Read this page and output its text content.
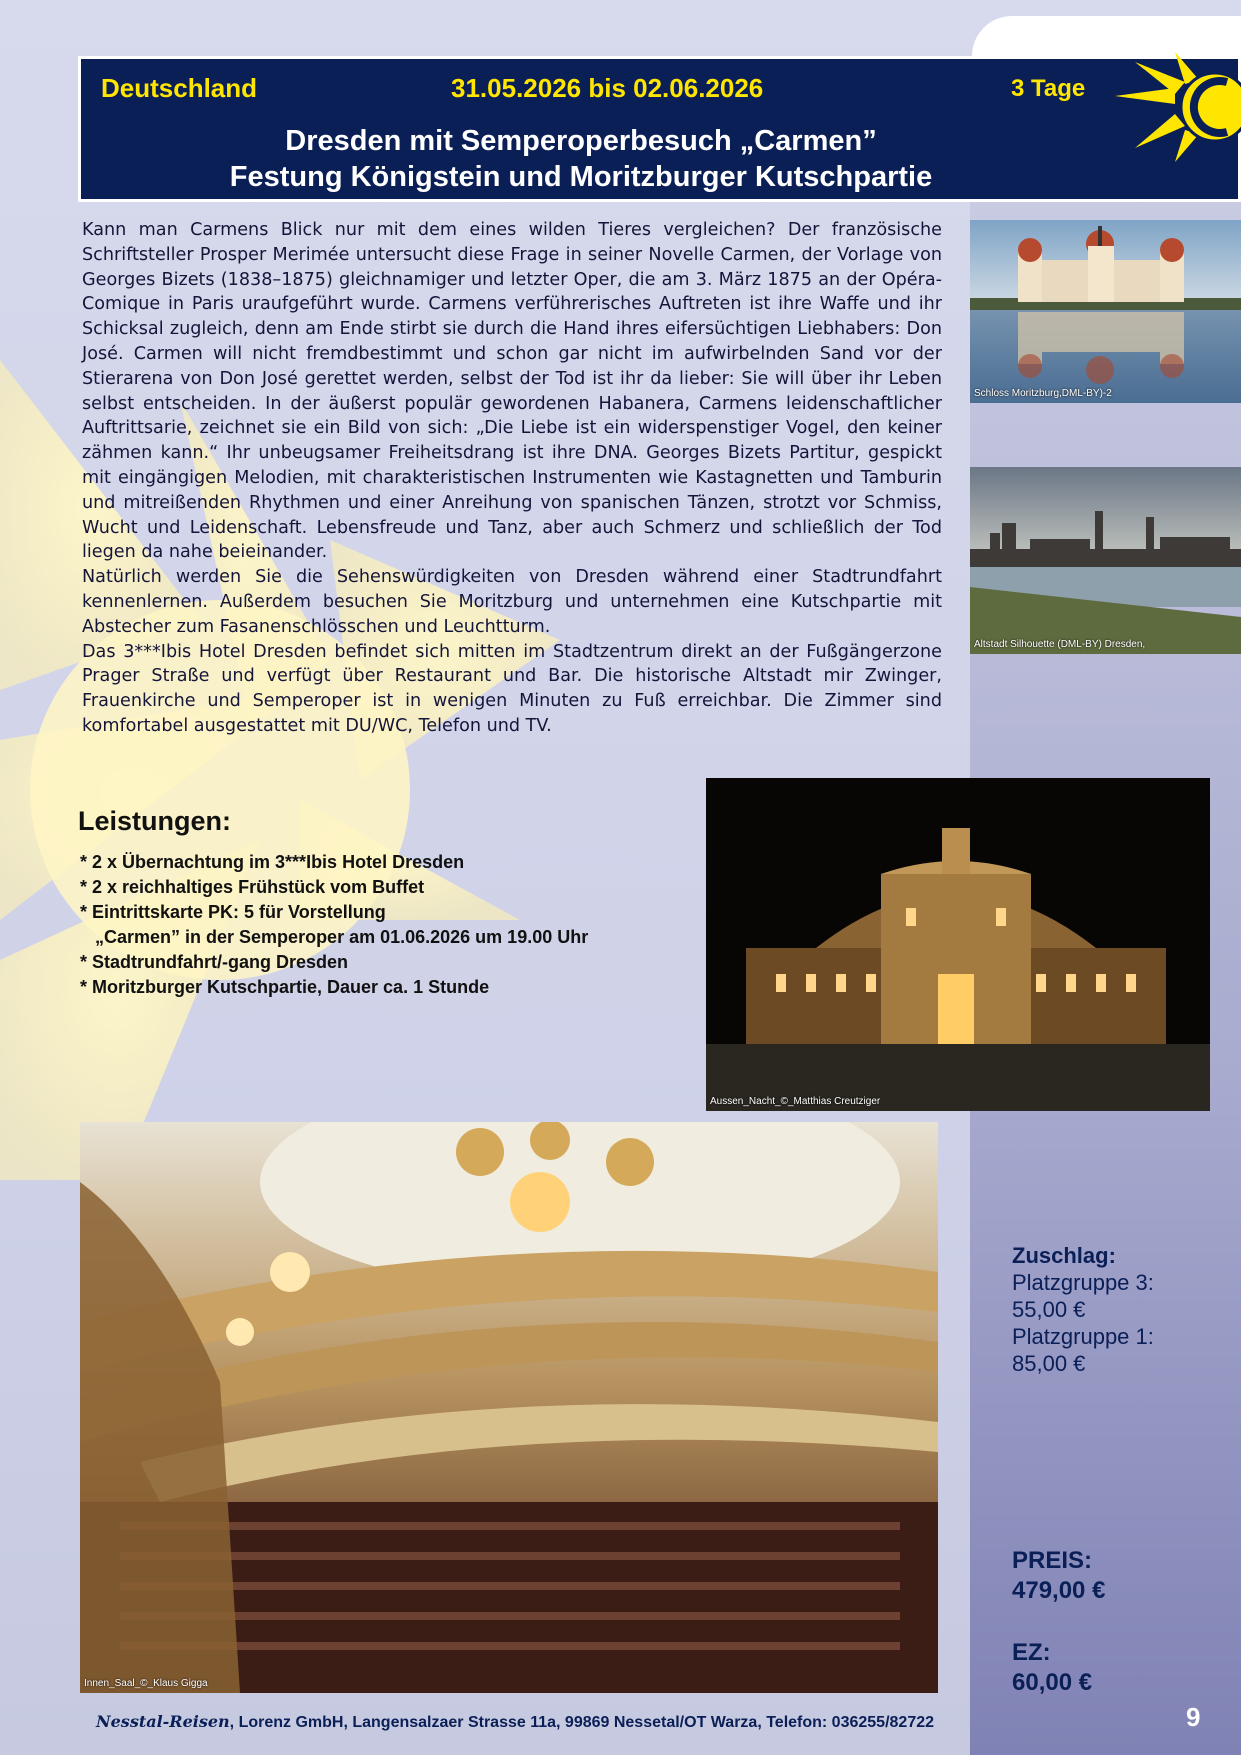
Deutschland	31.05.2026 bis 02.06.2026	3 Tage
Dresden mit Semperoperbesuch „Carmen”
Festung Königstein und Moritzburger Kutschpartie

Kann man Carmens Blick nur mit dem eines wilden Tieres vergleichen? Der französische Schriftsteller Prosper Merimée untersucht diese Frage in seiner Novelle Carmen, der Vorlage von Georges Bizets (1838–1875) gleichnamiger und letzter Oper, die am 3. März 1875 an der Opéra- Comique in Paris uraufgeführt wurde. Carmens verführerisches Auftreten ist ihre Waffe und ihr Schicksal zugleich, denn am Ende stirbt sie durch die Hand ihres eifersüchtigen Liebhabers: Don José. Carmen will nicht fremdbestimmt und schon gar nicht im aufwirbelnden Sand vor der Stierarena von Don José gerettet werden, selbst der Tod ist ihr da lieber: Sie will über ihr Leben selbst entscheiden. In der äußerst populär gewordenen Habanera, Carmens leidenschaftlicher Auftrittsarie, zeichnet sie ein Bild von sich: „Die Liebe ist ein widerspenstiger Vogel, den keiner zähmen kann.“ Ihr unbeugsamer Freiheitsdrang ist ihre DNA. Georges Bizets Partitur, gespickt mit eingängigen Melodien, mit charakteristischen Instrumenten wie Kastagnetten und Tamburin und mitreißenden Rhythmen und einer Anreihung von spanischen Tänzen, strotzt vor Schmiss, Wucht und Leidenschaft. Lebensfreude und Tanz, aber auch Schmerz und schließlich der Tod liegen da nahe beieinander.

Natürlich werden Sie die Sehenswürdigkeiten von Dresden während einer Stadtrundfahrt kennenlernen. Außerdem besuchen Sie Moritzburg und unternehmen eine Kutschpartie mit Abstecher zum Fasanenschlösschen und Leuchtturm.

Das 3***Ibis Hotel Dresden befindet sich mitten im Stadtzentrum direkt an der Fußgängerzone Prager Straße und verfügt über Restaurant und Bar. Die historische Altstadt mir Zwinger, Frauenkirche und Semperoper ist in wenigen Minuten zu Fuß erreichbar. Die Zimmer sind komfortabel ausgestattet mit DU/WC, Telefon und TV.

Schloss Moritzburg,DML-BY)-2
Altstadt Silhouette (DML-BY) Dresden,
Aussen_Nacht_©_Matthias Creutziger
Leistungen:
* 2 x Übernachtung im 3***Ibis Hotel Dresden
* 2 x reichhaltiges Frühstück vom Buffet
* Eintrittskarte PK: 5 für Vorstellung
„Carmen” in der Semperoper am 01.06.2026 um 19.00 Uhr
* Stadtrundfahrt/-gang Dresden
* Moritzburger Kutschpartie, Dauer ca. 1 Stunde
Innen_Saal_©_Klaus Gigga
Zuschlag:
Platzgruppe 3:
55,00 €
Platzgruppe 1:
85,00 €
PREIS:
479,00 €
EZ:
60,00 €
Nesstal-Reisen, Lorenz GmbH, Langensalzaer Strasse 11a, 99869 Nessetal/OT Warza, Telefon: 036255/82722	9
